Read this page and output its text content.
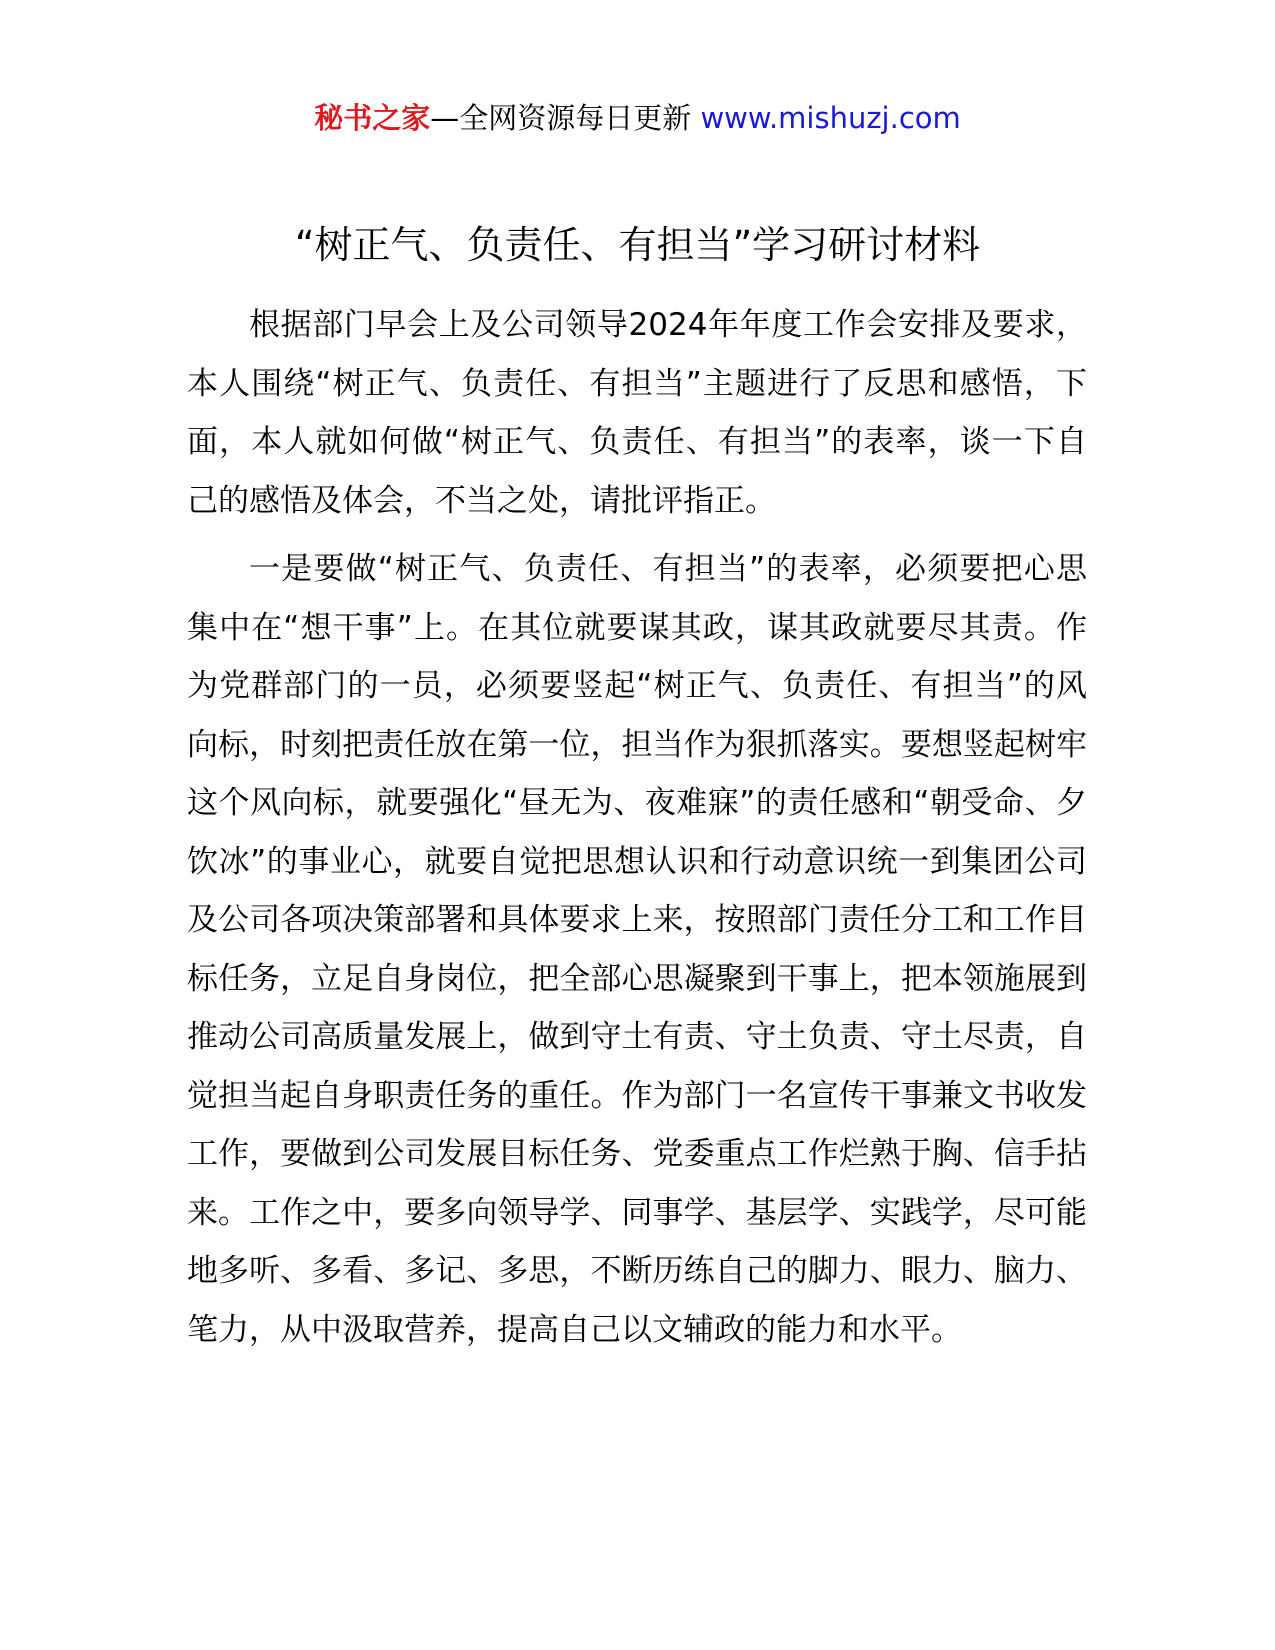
秘书之家—全网资源每日更新 www.mishuzj.com
“树正气、负责任、有担当”学习研讨材料

根据部门早会上及公司领导2024年年度工作会安排及要求，本人围绕“树正气、负责任、有担当”主题进行了反思和感悟，下面，本人就如何做“树正气、负责任、有担当”的表率，谈一下自己的感悟及体会，不当之处，请批评指正。

一是要做“树正气、负责任、有担当”的表率，必须要把心思集中在“想干事”上。在其位就要谋其政，谋其政就要尽其责。作为党群部门的一员，必须要竖起“树正气、负责任、有担当”的风向标，时刻把责任放在第一位，担当作为狠抓落实。要想竖起树牢这个风向标，就要强化“昼无为、夜难寐”的责任感和“朝受命、夕饮冰”的事业心，就要自觉把思想认识和行动意识统一到集团公司及公司各项决策部署和具体要求上来，按照部门责任分工和工作目标任务，立足自身岗位，把全部心思凝聚到干事上，把本领施展到推动公司高质量发展上，做到守土有责、守土负责、守土尽责，自觉担当起自身职责任务的重任。作为部门一名宣传干事兼文书收发工作，要做到公司发展目标任务、党委重点工作烂熟于胸、信手拈来。工作之中，要多向领导学、同事学、基层学、实践学，尽可能地多听、多看、多记、多思，不断历练自己的脚力、眼力、脑力、笔力，从中汲取营养，提高自己以文辅政的能力和水平。
